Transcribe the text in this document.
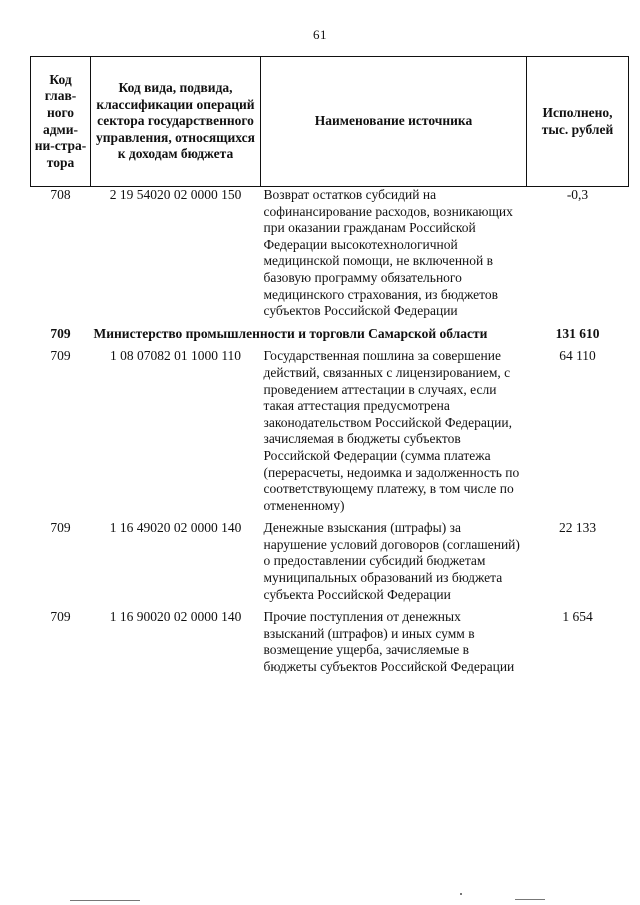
61
Код глав-ного адми-ни-стра-тора	Код вида, подвида, классификации операций сектора государственного управления, относящихся к доходам бюджета	Наименование источника	Исполнено, тыс. рублей
708	2 19 54020 02 0000 150	Возврат остатков субсидий на софинансирование расходов, возникающих при оказании гражданам Российской Федерации высокотехнологичной медицинской помощи, не включенной в базовую программу обязательного медицинского страхования, из бюджетов субъектов Российской Федерации	-0,3
709	Министерство промышленности и торговли Самарской области		131 610
709	1 08 07082 01 1000 110	Государственная пошлина за совершение действий, связанных с лицензированием, с проведением аттестации в случаях, если такая аттестация предусмотрена законодательством Российской Федерации, зачисляемая в бюджеты субъектов Российской Федерации (сумма платежа (перерасчеты, недоимка и задолженность по соответствующему платежу, в том числе по отмененному)	64 110
709	1 16 49020 02 0000 140	Денежные взыскания (штрафы) за нарушение условий договоров (соглашений) о предоставлении субсидий бюджетам муниципальных образований из бюджета субъекта Российской Федерации	22 133
709	1 16 90020 02 0000 140	Прочие поступления от денежных взысканий (штрафов) и иных сумм в возмещение ущерба, зачисляемые в бюджеты субъектов Российской Федерации	1 654
